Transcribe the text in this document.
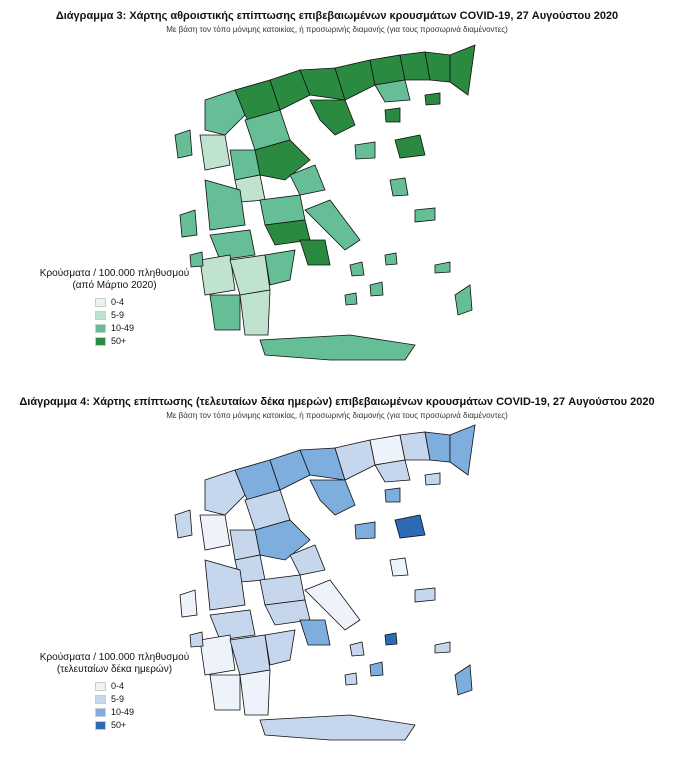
Διάγραμμα 3: Χάρτης αθροιστικής επίπτωσης επιβεβαιωμένων κρουσμάτων COVID-19, 27 Αυγούστου 2020
Με βάση τον τόπο μόνιμης κατοικίας, ή προσωρινής διαμονής (για τους προσωρινά διαμένοντες)
Κρούσματα / 100.000 πληθυσμού
(από Μάρτιο 2020)
0-4
5-9
10-49
50+
Διάγραμμα 4: Χάρτης επίπτωσης (τελευταίων δέκα ημερών) επιβεβαιωμένων κρουσμάτων COVID-19, 27 Αυγούστου 2020
Με βάση τον τόπο μόνιμης κατοικίας, ή προσωρινής διαμονής (για τους προσωρινά διαμένοντες)
Κρούσματα / 100.000 πληθυσμού
(τελευταίων δέκα ημερών)
0-4
5-9
10-49
50+
